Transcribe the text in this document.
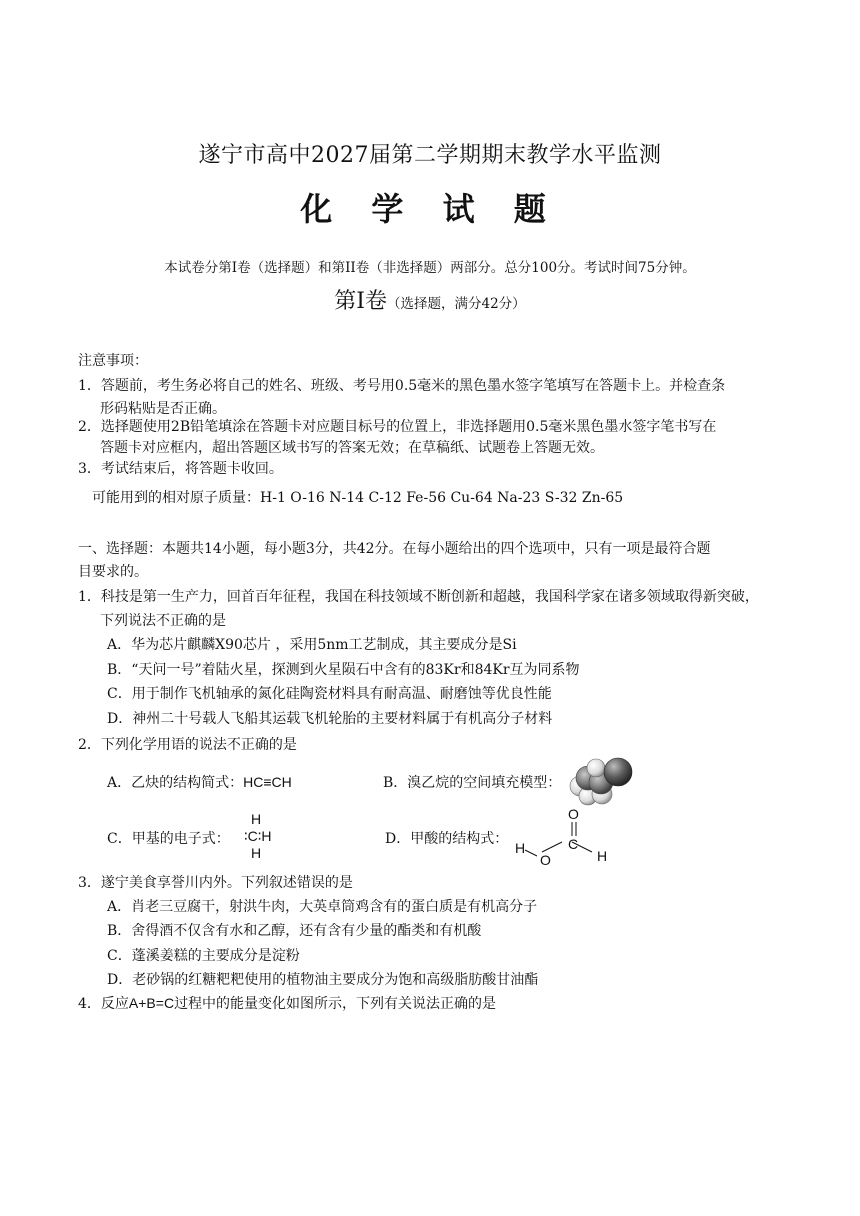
遂宁市高中2027届第二学期期末教学水平监测
化 学 试 题
本试卷分第Ⅰ卷（选择题）和第II卷（非选择题）两部分。总分100分。考试时间75分钟。
第Ⅰ卷（选择题，满分42分）
注意事项：
1．答题前，考生务必将自己的姓名、班级、考号用0.5毫米的黑色墨水签字笔填写在答题卡上。并检查条
形码粘贴是否正确。
2．选择题使用2B铅笔填涂在答题卡对应题目标号的位置上，非选择题用0.5毫米黑色墨水签字笔书写在
答题卡对应框内，超出答题区域书写的答案无效；在草稿纸、试题卷上答题无效。
3．考试结束后，将答题卡收回。
可能用到的相对原子质量：H-1 O-16 N-14 C-12 Fe-56 Cu-64 Na-23 S-32 Zn-65
一、选择题：本题共14小题，每小题3分，共42分。在每小题给出的四个选项中，只有一项是最符合题
目要求的。
1．科技是第一生产力，回首百年征程，我国在科技领域不断创新和超越，我国科学家在诸多领域取得新突破，
下列说法不正确的是
A．华为芯片麒麟X90芯片 ，采用5nm工艺制成，其主要成分是Si
B．“天问一号”着陆火星，探测到火星陨石中含有的83Kr和84Kr互为同系物
C．用于制作飞机轴承的氮化硅陶瓷材料具有耐高温、耐磨蚀等优良性能
D．神州二十号载人飞船其运载飞机轮胎的主要材料属于有机高分子材料
2．下列化学用语的说法不正确的是
A．乙炔的结构简式：HC≡CH	B．溴乙烷的空间填充模型：
C．甲基的电子式：
H
∶C∶H
H
D．甲酸的结构式：
O
H
O
C
H
3．遂宁美食享誉川内外。下列叙述错误的是
A．肖老三豆腐干，射洪牛肉，大英卓筒鸡含有的蛋白质是有机高分子
B．舍得酒不仅含有水和乙醇，还有含有少量的酯类和有机酸
C．蓬溪姜糕的主要成分是淀粉
D．老砂锅的红糖粑粑使用的植物油主要成分为饱和高级脂肪酸甘油酯
4．反应A+B=C过程中的能量变化如图所示，下列有关说法正确的是
